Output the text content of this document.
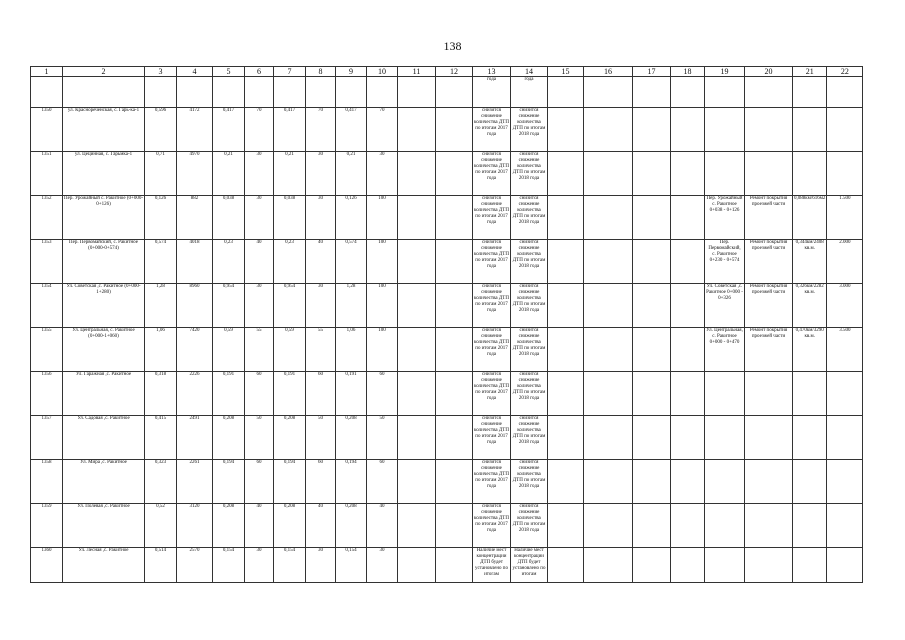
138
1	2	3	4	5	6	7	8	9	10	11	12	13	14	15	16	17	18	19	20	21	22
												года	года								
1350	ул. Краснореченская, с. Гарь-ка-1	0,596	4172	0,417	70	0,417	70	0,417	70			снизится снижение количества ДТП по итогам 2017 года	снизится снижение количества ДТП по итогам 2018 года								
1351	ул. Цецинная, с. Гарьмка-1	0,71	4970	0,21	30	0,21	30	0,21	30			снизится снижение количества ДТП по итогам 2017 года	снизится снижение количества ДТП по итогам 2018 года								
1352	Пер. Урожайный с. Ракитное (0+000-0+126)	0,126	882	0,038	30	0,038	30	0,126	100			снизится снижение количества ДТП по итогам 2017 года	снизится снижение количества ДТП по итогам 2018 года					Пер. Урожайный с. Ракитное 0+038 - 0+126	Ремонт покрытия проезжей части	0,088км/616м2	1.500
1353	Пер. Первомайский, с. Ракитное (0+000-0+574)	0,574	4018	0,23	40	0,23	40	0,574	100			снизится снижение количества ДТП по итогам 2017 года	снизится снижение количества ДТП по итогам 2018 года					Пер. Первомайский, с. Ракитное 0+230 - 0+574	Ремонт покрытия проезжей части	0,344км/2408 кв.м.	2.000
1354	Ул. Советская ,с. Ракитное (0+000-1+280)	1,28	8960	0,954	30	0,954	30	1,28	100			снизится снижение количества ДТП по итогам 2017 года	снизится снижение количества ДТП по итогам 2018 года					Ул. Советская ,с. Ракитное 0+000 - 0+326	Ремонт покрытия проезжей части	0,326км/2282 кв.м.	3.000
1355	Ул. Центральная, с. Ракитное (0+000-1+060)	1,06	7420	0,59	55	0,59	55	1,06	100			снизится снижение количества ДТП по итогам 2017 года	снизится снижение количества ДТП по итогам 2018 года					Ул. Центральная, с. Ракитное 0+000 - 0+470	Ремонт покрытия проезжей части	0,470км/3290 кв.м.	3.500
1356	Ул. Гаражная ,с. Ракитное	0,318	2226	0,191	60	0,191	60	0,191	60			снизится снижение количества ДТП по итогам 2017 года	снизится снижение количества ДТП по итогам 2018 года								
1357	Ул. Садовая ,с. Ракитное	0,415	2491	0,208	50	0,208	50	0,208	50			снизится снижение количества ДТП по итогам 2017 года	снизится снижение количества ДТП по итогам 2018 года								
1358	Ул. Мира ,с. Ракитное	0,323	2261	0,194	60	0,194	60	0,194	60			снизится снижение количества ДТП по итогам 2017 года	снизится снижение количества ДТП по итогам 2018 года								
1359	Ул. Полевая ,с. Ракитное	0,52	3120	0,208	40	0,208	40	0,208	40			снизится снижение количества ДТП по итогам 2017 года	снизится снижение количества ДТП по итогам 2018 года								
1360	Ул. Лесная ,с. Ракитное	0,514	2570	0,154	30	0,154	30	0,154	30			Наличие мест концентрации ДТП будет установлено по итогам	Наличие мест концентрации ДТП будет установлено по итогам								
